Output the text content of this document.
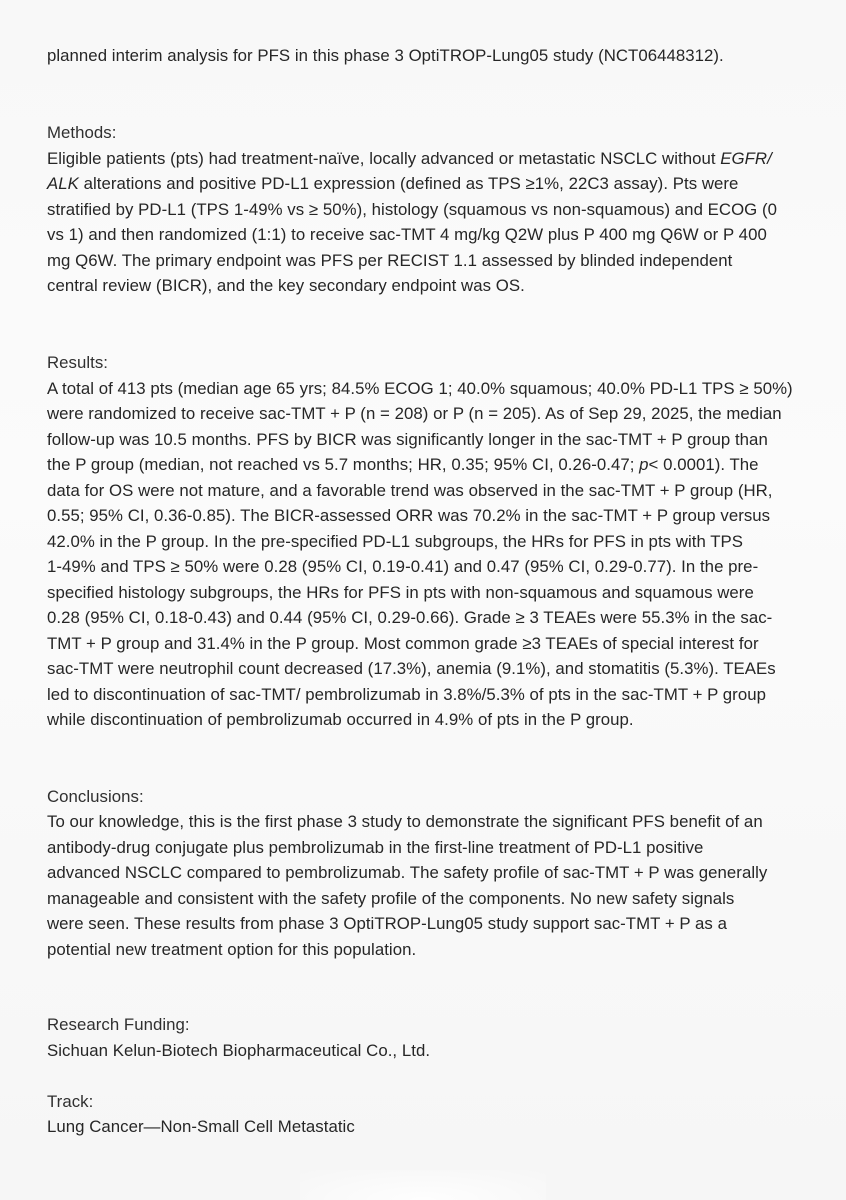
planned interim analysis for PFS in this phase 3 OptiTROP-Lung05 study (NCT06448312).
Methods:
Eligible patients (pts) had treatment-naïve, locally advanced or metastatic NSCLC without EGFR/
ALK alterations and positive PD-L1 expression (defined as TPS ≥1%, 22C3 assay). Pts were
stratified by PD-L1 (TPS 1-49% vs ≥ 50%), histology (squamous vs non-squamous) and ECOG (0
vs 1) and then randomized (1:1) to receive sac-TMT 4 mg/kg Q2W plus P 400 mg Q6W or P 400
mg Q6W. The primary endpoint was PFS per RECIST 1.1 assessed by blinded independent
central review (BICR), and the key secondary endpoint was OS.
Results:
A total of 413 pts (median age 65 yrs; 84.5% ECOG 1; 40.0% squamous; 40.0% PD-L1 TPS ≥ 50%)
were randomized to receive sac-TMT + P (n = 208) or P (n = 205). As of Sep 29, 2025, the median
follow-up was 10.5 months. PFS by BICR was significantly longer in the sac-TMT + P group than
the P group (median, not reached vs 5.7 months; HR, 0.35; 95% CI, 0.26-0.47; p< 0.0001). The
data for OS were not mature, and a favorable trend was observed in the sac-TMT + P group (HR,
0.55; 95% CI, 0.36-0.85). The BICR-assessed ORR was 70.2% in the sac-TMT + P group versus
42.0% in the P group. In the pre-specified PD-L1 subgroups, the HRs for PFS in pts with TPS
1-49% and TPS ≥ 50% were 0.28 (95% CI, 0.19-0.41) and 0.47 (95% CI, 0.29-0.77). In the pre-
specified histology subgroups, the HRs for PFS in pts with non-squamous and squamous were
0.28 (95% CI, 0.18-0.43) and 0.44 (95% CI, 0.29-0.66). Grade ≥ 3 TEAEs were 55.3% in the sac-
TMT + P group and 31.4% in the P group. Most common grade ≥3 TEAEs of special interest for
sac-TMT were neutrophil count decreased (17.3%), anemia (9.1%), and stomatitis (5.3%). TEAEs
led to discontinuation of sac-TMT/ pembrolizumab in 3.8%/5.3% of pts in the sac-TMT + P group
while discontinuation of pembrolizumab occurred in 4.9% of pts in the P group.
Conclusions:
To our knowledge, this is the first phase 3 study to demonstrate the significant PFS benefit of an
antibody-drug conjugate plus pembrolizumab in the first-line treatment of PD-L1 positive
advanced NSCLC compared to pembrolizumab. The safety profile of sac-TMT + P was generally
manageable and consistent with the safety profile of the components. No new safety signals
were seen. These results from phase 3 OptiTROP-Lung05 study support sac-TMT + P as a
potential new treatment option for this population.
Research Funding:
Sichuan Kelun-Biotech Biopharmaceutical Co., Ltd.
Track:
Lung Cancer—Non-Small Cell Metastatic
